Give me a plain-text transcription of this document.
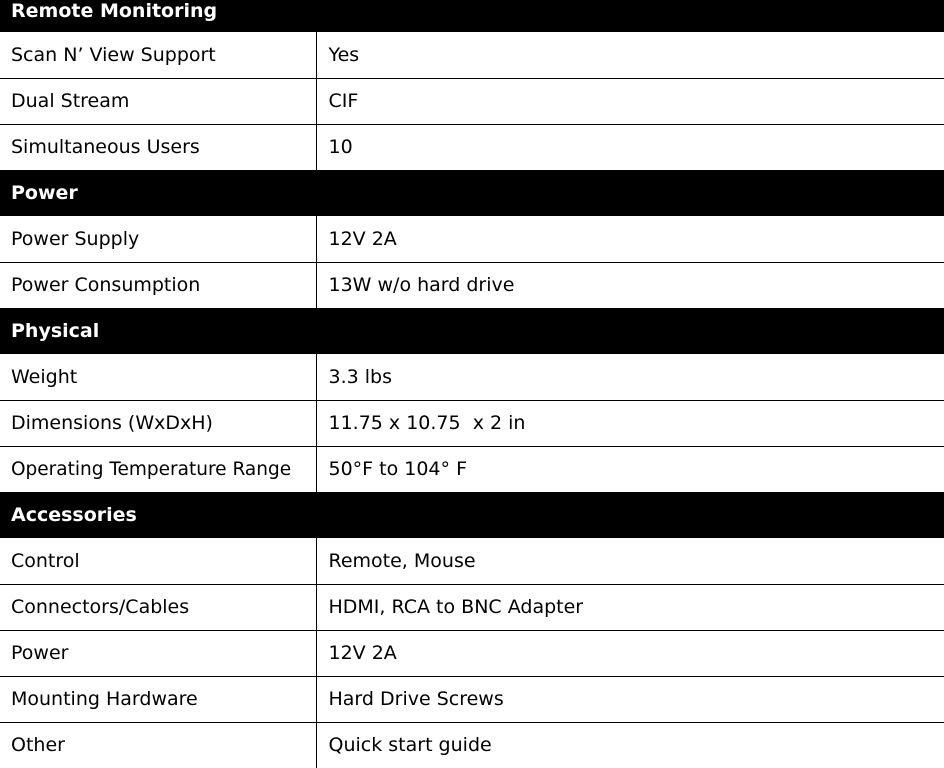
Remote Monitoring	
Scan N’ View Support	Yes
Dual Stream	CIF
Simultaneous Users	10
Power	
Power Supply	12V 2A
Power Consumption	13W w/o hard drive
Physical	
Weight	3.3 lbs
Dimensions (WxDxH)	11.75 x 10.75  x 2 in
Operating Temperature Range	50°F to 104° F
Accessories	
Control	Remote, Mouse
Connectors/Cables	HDMI, RCA to BNC Adapter
Power	12V 2A
Mounting Hardware	Hard Drive Screws
Other	Quick start guide
